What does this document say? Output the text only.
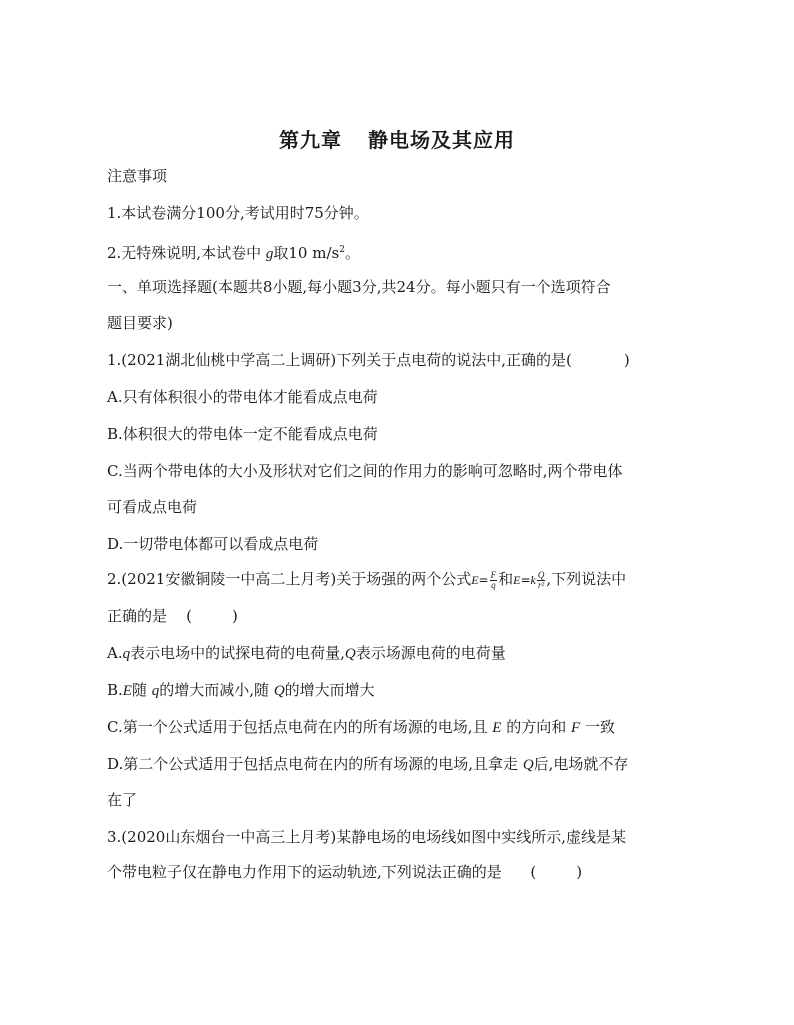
第九章 静电场及其应用
注意事项
1.本试卷满分100分,考试用时75分钟。
2.无特殊说明,本试卷中 g取10 $m/s^2$。
一、单项选择题(本题共8小题,每小题3分,共24分。每小题只有一个选项符合
题目要求)
1.(2021湖北仙桃中学高二上调研)下列关于点电荷的说法中,正确的是(	)
A.只有体积很小的带电体才能看成点电荷
B.体积很大的带电体一定不能看成点电荷
C.当两个带电体的大小及形状对它们之间的作用力的影响可忽略时,两个带电体
可看成点电荷
D.一切带电体都可以看成点电荷
2.(2021安徽铜陵一中高二上月考)关于场强的两个公式$E= \frac{F}{q}$ 和$E=k \frac{Q}{\text{r²}}$ ,下列说法中
正确的是 (	)
A.q表示电场中的试探电荷的电荷量,Q表示场源电荷的电荷量
B.E随 q的增大而减小,随 Q的增大而增大
C.第一个公式适用于包括点电荷在内的所有场源的电场,且 E 的方向和 F 一致
D.第二个公式适用于包括点电荷在内的所有场源的电场,且拿走 Q后,电场就不存
在了
3.(2020山东烟台一中高三上月考)某静电场的电场线如图中实线所示,虚线是某
个带电粒子仅在静电力作用下的运动轨迹,下列说法正确的是 (	)
